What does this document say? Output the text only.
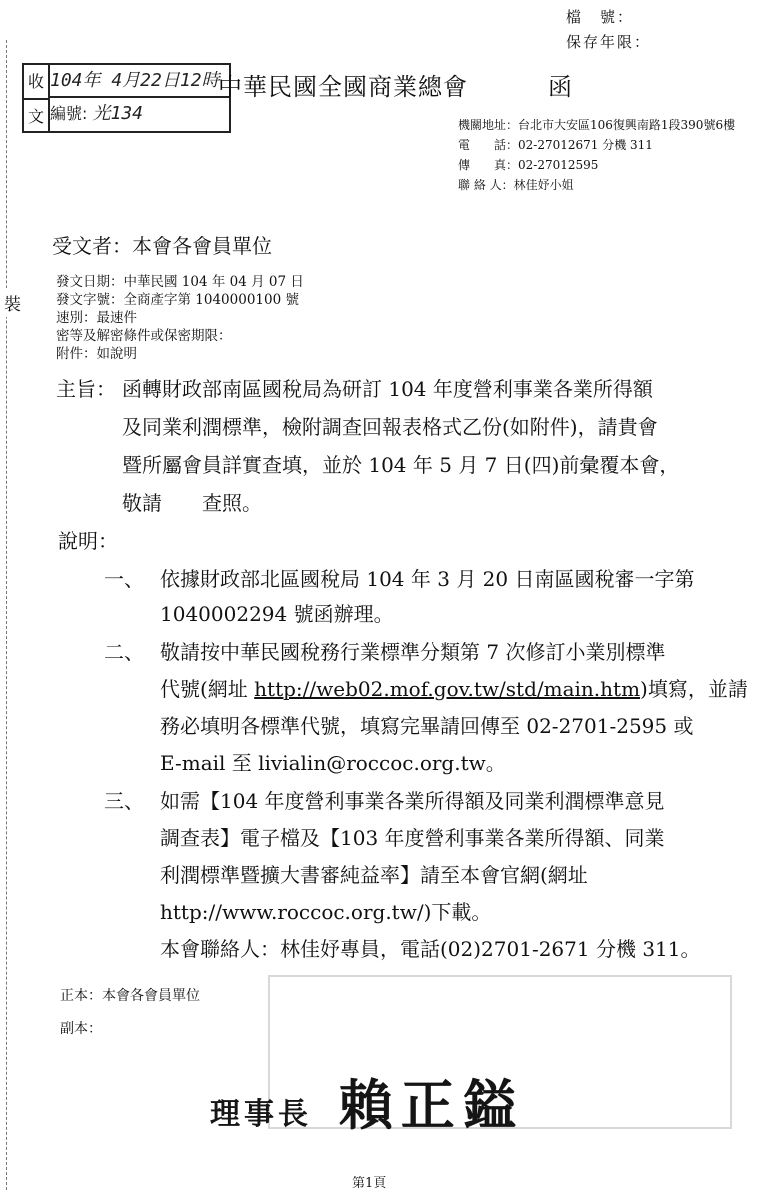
裝
檔　號：
保存年限：
收
文
104年 4月22日12時
編號: 光134
中華民國全國商業總會	函
機關地址：台北市大安區106復興南路1段390號6樓
電　　話：02-27012671 分機 311
傳　　真：02-27012595
聯 絡 人：林佳妤小姐
受文者：本會各會員單位
發文日期：中華民國 104 年 04 月 07 日
發文字號：全商產字第 1040000100 號
速別：最速件
密等及解密條件或保密期限：
附件：如說明
主旨： 函轉財政部南區國稅局為研訂 104 年度營利事業各業所得額
及同業利潤標準，檢附調查回報表格式乙份(如附件)，請貴會
暨所屬會員詳實查填，並於 104 年 5 月 7 日(四)前彙覆本會，
敬請　　查照。
說明：
一、 依據財政部北區國稅局 104 年 3 月 20 日南區國稅審一字第
1040002294 號函辦理。
二、 敬請按中華民國稅務行業標準分類第 7 次修訂小業別標準
代號(網址 http://web02.mof.gov.tw/std/main.htm)填寫，並請
務必填明各標準代號，填寫完畢請回傳至 02-2701-2595 或
E-mail 至 livialin@roccoc.org.tw。
三、 如需【104 年度營利事業各業所得額及同業利潤標準意見
調查表】電子檔及【103 年度營利事業各業所得額、同業
利潤標準暨擴大書審純益率】請至本會官網(網址
http://www.roccoc.org.tw/)下載。
本會聯絡人：林佳妤專員，電話(02)2701-2671 分機 311。
正本：本會各會員單位
副本：
理事長 賴正鎰
第1頁
